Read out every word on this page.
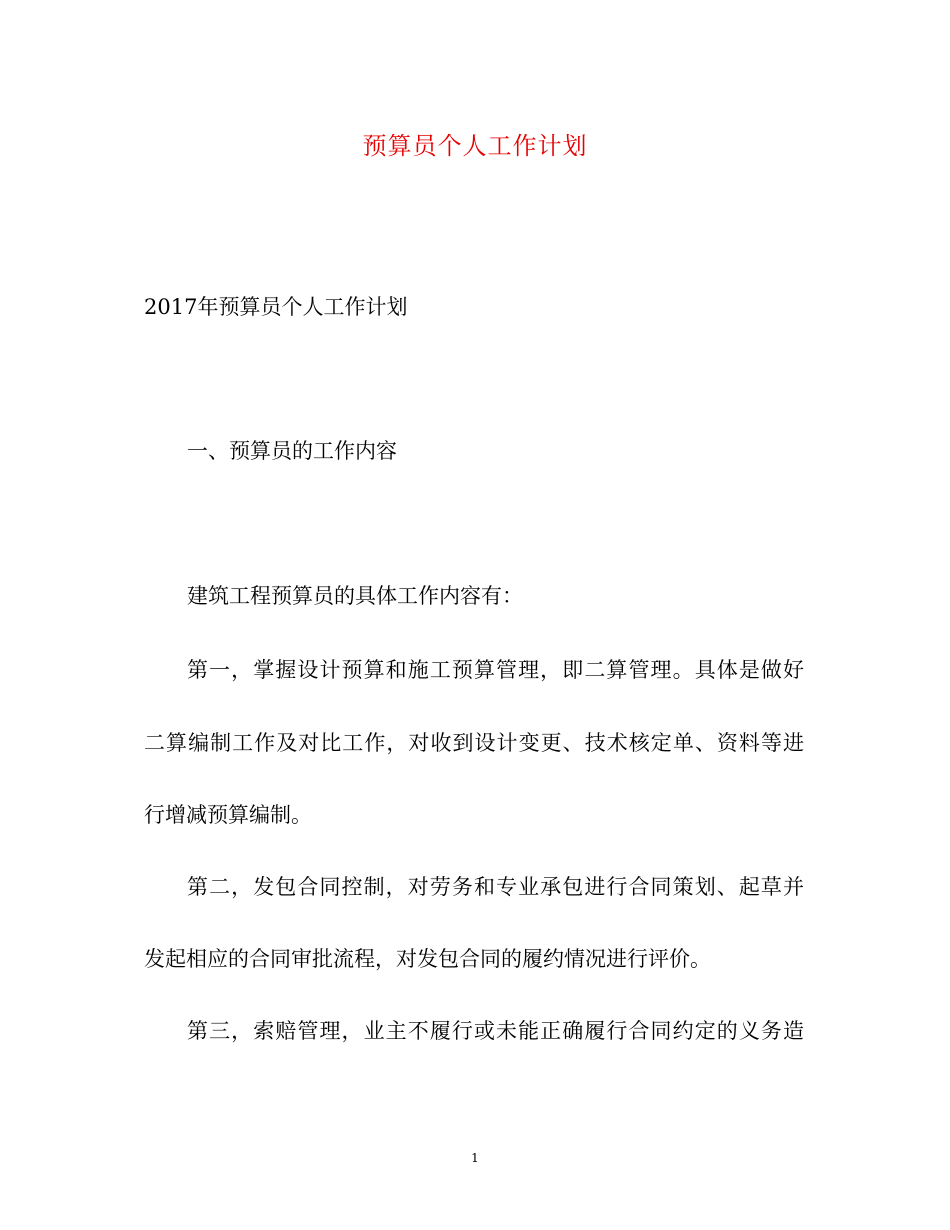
预算员个人工作计划
2017年预算员个人工作计划
一、预算员的工作内容
建筑工程预算员的具体工作内容有：
第一，掌握设计预算和施工预算管理，即二算管理。具体是做好
二算编制工作及对比工作，对收到设计变更、技术核定单、资料等进
行增减预算编制。
第二，发包合同控制，对劳务和专业承包进行合同策划、起草并
发起相应的合同审批流程，对发包合同的履约情况进行评价。
第三，索赔管理，业主不履行或未能正确履行合同约定的义务造
1
